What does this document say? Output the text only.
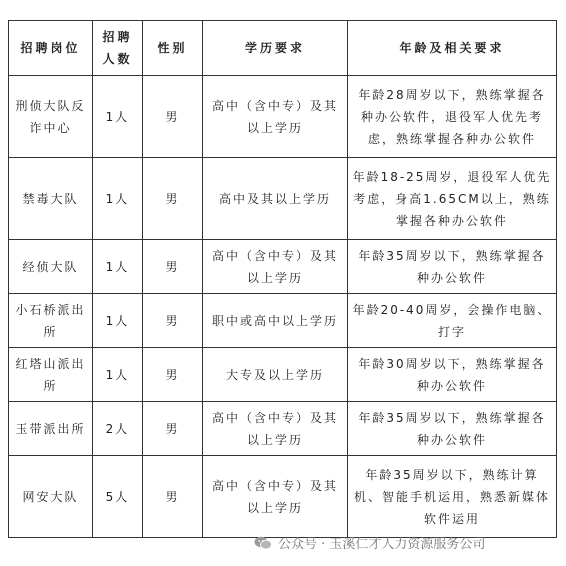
招聘岗位	招聘人数	性别	学历要求	年龄及相关要求
刑侦大队反诈中心	1人	男	高中（含中专）及其以上学历	年龄28周岁以下，熟练掌握各种办公软件，退役军人优先考虑，熟练掌握各种办公软件
禁毒大队	1人	男	高中及其以上学历	年龄18-25周岁，退役军人优先考虑，身高1.65CM以上，熟练掌握各种办公软件
经侦大队	1人	男	高中（含中专）及其以上学历	年龄35周岁以下，熟练掌握各种办公软件
小石桥派出所	1人	男	职中或高中以上学历	年龄20-40周岁，会操作电脑、打字
红塔山派出所	1人	男	大专及以上学历	年龄30周岁以下，熟练掌握各种办公软件
玉带派出所	2人	男	高中（含中专）及其以上学历	年龄35周岁以下，熟练掌握各种办公软件
网安大队	5人	男	高中（含中专）及其以上学历	年龄35周岁以下，熟练计算机、智能手机运用，熟悉新媒体软件运用
公众号 · 玉溪仁才人力资源服务公司
